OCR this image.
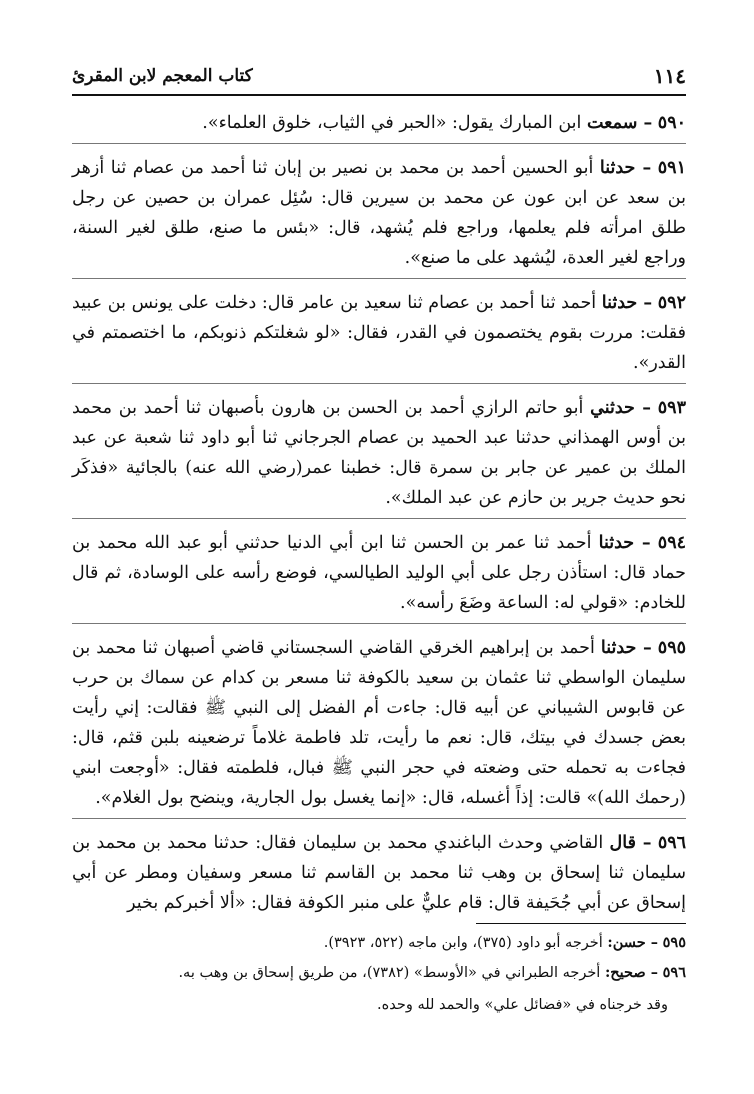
١١٤
كتاب المعجم لابن المقرئ

٥٩٠ – سمعت ابن المبارك يقول: «الحبر في الثياب، خلوق العلماء».

٥٩١ – حدثنا أبو الحسين أحمد بن محمد بن نصير بن إبان ثنا أحمد من عصام ثنا أزهر بن سعد عن ابن عون عن محمد بن سيرين قال: سُئِل عمران بن حصين عن رجل طلق امرأته فلم يعلمها، وراجع فلم يُشهد، قال: «بئس ما صنع، طلق لغير السنة، وراجع لغير العدة، ليُشهد على ما صنع».

٥٩٢ – حدثنا أحمد ثنا أحمد بن عصام ثنا سعيد بن عامر قال: دخلت على يونس بن عبيد فقلت: مررت بقوم يختصمون في القدر، فقال: «لو شغلتكم ذنوبكم، ما اختصمتم في القدر».

٥٩٣ – حدثني أبو حاتم الرازي أحمد بن الحسن بن هارون بأصبهان ثنا أحمد بن محمد بن أوس الهمذاني حدثنا عبد الحميد بن عصام الجرجاني ثنا أبو داود ثنا شعبة عن عبد الملك بن عمير عن جابر بن سمرة قال: خطبنا عمر(رضي الله عنه) بالجائية «فذكَر نحو حديث جرير بن حازم عن عبد الملك».

٥٩٤ – حدثنا أحمد ثنا عمر بن الحسن ثنا ابن أبي الدنيا حدثني أبو عبد الله محمد بن حماد قال: استأذن رجل على أبي الوليد الطيالسي، فوضع رأسه على الوسادة، ثم قال للخادم: «قولي له: الساعة وضَعَ رأسه».

٥٩٥ – حدثنا أحمد بن إبراهيم الخرقي القاضي السجستاني قاضي أصبهان ثنا محمد بن سليمان الواسطي ثنا عثمان بن سعيد بالكوفة ثنا مسعر بن كدام عن سماك بن حرب عن قابوس الشيباني عن أبيه قال: جاءت أم الفضل إلى النبي ﷺ فقالت: إني رأيت بعض جسدك في بيتك، قال: نعم ما رأيت، تلد فاطمة غلاماً ترضعينه بلبن قثم، قال: فجاءت به تحمله حتى وضعته في حجر النبي ﷺ فبال، فلطمته فقال: «أوجعت ابني (رحمك الله)» قالت: إذاً أغسله، قال: «إنما يغسل بول الجارية، وينضح بول الغلام».

٥٩٦ – قال القاضي وحدث الباغندي محمد بن سليمان فقال: حدثنا محمد بن محمد بن سليمان ثنا إسحاق بن وهب ثنا محمد بن القاسم ثنا مسعر وسفيان ومطر عن أبي إسحاق عن أبي جُحَيفة قال: قام عليٌّ على منبر الكوفة فقال: «ألا أخبركم بخير

٥٩٥ – حسن: أخرجه أبو داود (٣٧٥)، وابن ماجه (٥٢٢، ٣٩٢٣).

٥٩٦ – صحيح: أخرجه الطبراني في «الأوسط» (٧٣٨٢)، من طريق إسحاق بن وهب به.

وقد خرجناه في «فضائل علي» والحمد لله وحده.
